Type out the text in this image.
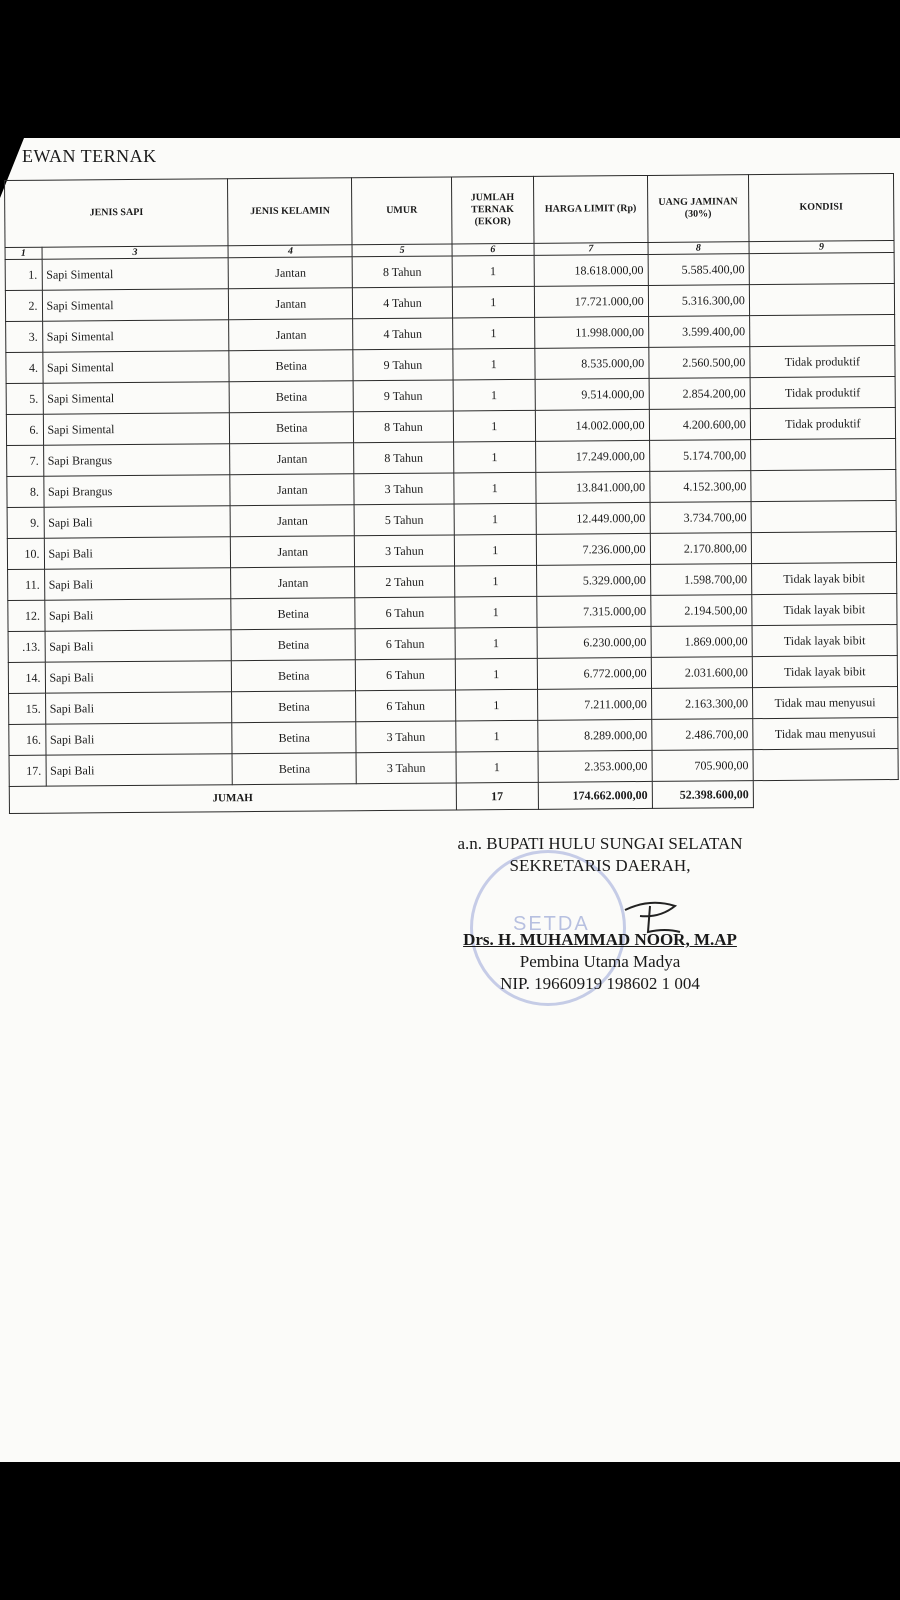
EWAN TERNAK
JENIS SAPI		JENIS KELAMIN	UMUR	JUMLAH TERNAK (EKOR)	HARGA LIMIT (Rp)	UANG JAMINAN (30%)	KONDISI
1	3	4	5	6	7	8	9
1.	Sapi Simental	Jantan	8 Tahun	1	18.618.000,00	5.585.400,00	
2.	Sapi Simental	Jantan	4 Tahun	1	17.721.000,00	5.316.300,00	
3.	Sapi Simental	Jantan	4 Tahun	1	11.998.000,00	3.599.400,00	
4.	Sapi Simental	Betina	9 Tahun	1	8.535.000,00	2.560.500,00	Tidak produktif
5.	Sapi Simental	Betina	9 Tahun	1	9.514.000,00	2.854.200,00	Tidak produktif
6.	Sapi Simental	Betina	8 Tahun	1	14.002.000,00	4.200.600,00	Tidak produktif
7.	Sapi Brangus	Jantan	8 Tahun	1	17.249.000,00	5.174.700,00	
8.	Sapi Brangus	Jantan	3 Tahun	1	13.841.000,00	4.152.300,00	
9.	Sapi Bali	Jantan	5 Tahun	1	12.449.000,00	3.734.700,00	
10.	Sapi Bali	Jantan	3 Tahun	1	7.236.000,00	2.170.800,00	
11.	Sapi Bali	Jantan	2 Tahun	1	5.329.000,00	1.598.700,00	Tidak layak bibit
12.	Sapi Bali	Betina	6 Tahun	1	7.315.000,00	2.194.500,00	Tidak layak bibit
.13.	Sapi Bali	Betina	6 Tahun	1	6.230.000,00	1.869.000,00	Tidak layak bibit
14.	Sapi Bali	Betina	6 Tahun	1	6.772.000,00	2.031.600,00	Tidak layak bibit
15.	Sapi Bali	Betina	6 Tahun	1	7.211.000,00	2.163.300,00	Tidak mau menyusui
16.	Sapi Bali	Betina	3 Tahun	1	8.289.000,00	2.486.700,00	Tidak mau menyusui
17.	Sapi Bali	Betina	3 Tahun	1	2.353.000,00	705.900,00	
JUMAH				17	174.662.000,00	52.398.600,00	
SETDA
a.n. BUPATI HULU SUNGAI SELATAN
SEKRETARIS DAERAH,
Drs. H. MUHAMMAD NOOR, M.AP
Pembina Utama Madya
NIP. 19660919 198602 1 004
